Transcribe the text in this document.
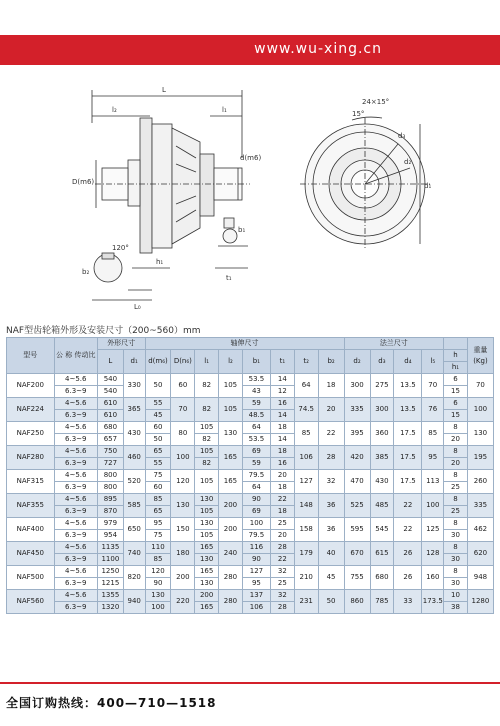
www.wu-xing.cn
L
l₂	l₁
D(m6)
d(m6)
120°
b₂
L₀
h₁
b₁
t₁
24×15°
15°
d₃
d₂
d₁
NAF型齿轮箱外形及安装尺寸（200~560）mm
型号	公 称 传动比	外形尺寸		轴伸尺寸								法兰尺寸					重量 (Kg)
		L	d₁	d(m₆)	D(n₆)	l₁	l₂	b₁	t₁	t₂	b₂	d₂	d₃	d₄	l₅	h	
																h₁	
NAF200	4~5.6	540	330	50	60	82	105	53.5	14	64	18	300	275	13.5	70	6	70
	6.3~9	540						43	12							15	
NAF224	4~5.6	610	365	55	70	82	105	59	16	74.5	20	335	300	13.5	76	6	100
	6.3~9	610		45				48.5	14							15	
NAF250	4~5.6	680	430	60	80	105	130	64	18	85	22	395	360	17.5	85	8	130
	6.3~9	657		50		82		53.5	14							20	
NAF280	4~5.6	750	460	65	100	105	165	69	18	106	28	420	385	17.5	95	8	195
	6.3~9	727		55		82		59	16							20	
NAF315	4~5.6	800	520	75	120	105	165	79.5	20	127	32	470	430	17.5	113	8	260
	6.3~9	800		60				64	18							25	
NAF355	4~5.6	895	585	85	130	130	200	90	22	148	36	525	485	22	100	8	335
	6.3~9	870		65		105		69	18							25	
NAF400	4~5.6	979	650	95	150	130	200	100	25	158	36	595	545	22	125	8	462
	6.3~9	954		75		105		79.5	20							30	
NAF450	4~5.6	1135	740	110	180	165	240	116	28	179	40	670	615	26	128	8	620
	6.3~9	1100		85		130		90	22							30	
NAF500	4~5.6	1250	820	120	200	165	280	127	32	210	45	755	680	26	160	8	948
	6.3~9	1215		90		130		95	25							30	
NAF560	4~5.6	1355	940	130	220	200	280	137	32	231	50	860	785	33	173.5	10	1280
	6.3~9	1320		100		165		106	28							38	
全国订购热线：400—710—1518
